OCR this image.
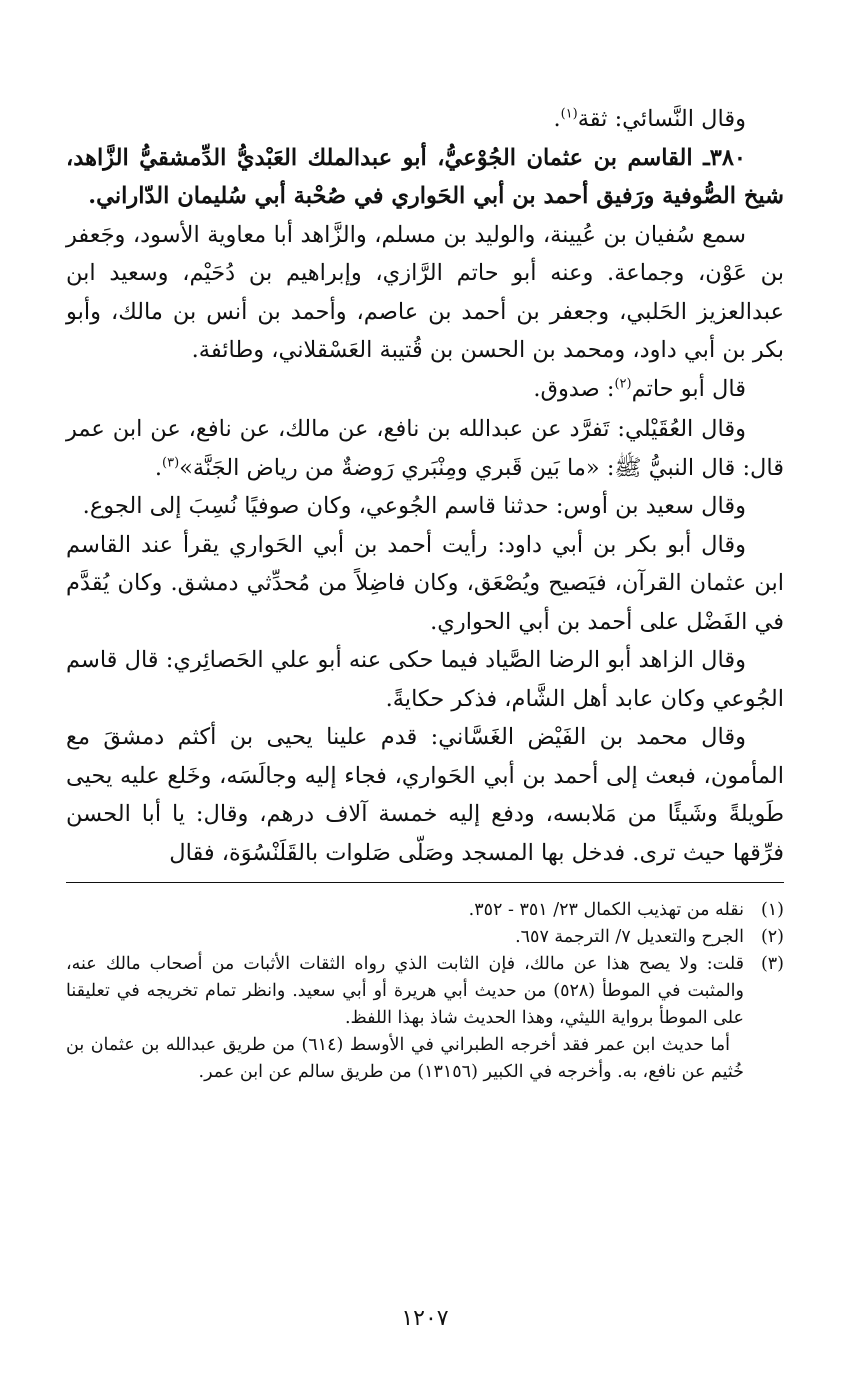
وقال النَّسائي: ثقة$^{(١)}$.

٣٨٠ـ القاسم بن عثمان الجُوْعيُّ، أبو عبدالملك العَبْديُّ الدِّمشقيُّ الزَّاهد، شيخ الصُّوفية ورَفيق أحمد بن أبي الحَواري في صُحْبة أبي سُليمان الدّاراني.

سمع سُفيان بن عُيينة، والوليد بن مسلم، والزَّاهد أبا معاوية الأسود، وجَعفر بن عَوْن، وجماعة. وعنه أبو حاتم الرَّازي، وإبراهيم بن دُحَيْم، وسعيد ابن عبدالعزيز الحَلبي، وجعفر بن أحمد بن عاصم، وأحمد بن أنس بن مالك، وأبو بكر بن أبي داود، ومحمد بن الحسن بن قُتيبة العَسْقلاني، وطائفة.

قال أبو حاتم$^{(٢)}$: صدوق.

وقال العُقَيْلي: تَفرَّد عن عبدالله بن نافع، عن مالك، عن نافع، عن ابن عمر قال: قال النبيُّ ﷺ: «ما بَين قَبري ومِنْبَري رَوضةٌ من رياض الجَنَّة»$^{(٣)}$.

وقال سعيد بن أوس: حدثنا قاسم الجُوعي، وكان صوفيًا نُسِبَ إلى الجوع.

وقال أبو بكر بن أبي داود: رأيت أحمد بن أبي الحَواري يقرأ عند القاسم ابن عثمان القرآن، فيَصيح ويُصْعَق، وكان فاضِلاً من مُحدِّثي دمشق. وكان يُقدَّم في الفَضْل على أحمد بن أبي الحواري.

وقال الزاهد أبو الرضا الصَّياد فيما حكى عنه أبو علي الحَصائِري: قال قاسم الجُوعي وكان عابد أهل الشَّام، فذكر حكايةً.

وقال محمد بن الفَيْض الغَسَّاني: قدم علينا يحيى بن أكثم دمشقَ مع المأمون، فبعث إلى أحمد بن أبي الحَواري، فجاء إليه وجالَسَه، وخَلع عليه يحيى طَويلةً وشَيئًا من مَلابسه، ودفع إليه خمسة آلاف درهم، وقال: يا أبا الحسن فرِّقها حيث ترى. فدخل بها المسجد وصَلّى صَلوات بالقَلَنْسُوَة، فقال

(١)
نقله من تهذيب الكمال ٢٣/ ٣٥١ - ٣٥٢.
(٢)
الجرح والتعديل ٧/ الترجمة ٦٥٧.
(٣)
قلت: ولا يصح هذا عن مالك، فإن الثابت الذي رواه الثقات الأثبات من أصحاب مالك عنه، والمثبت في الموطأ (٥٢٨) من حديث أبي هريرة أو أبي سعيد. وانظر تمام تخريجه في تعليقنا على الموطأ برواية الليثي، وهذا الحديث شاذ بهذا اللفظ.
أما حديث ابن عمر فقد أخرجه الطبراني في الأوسط (٦١٤) من طريق عبدالله بن عثمان بن خُثيم عن نافع، به. وأخرجه في الكبير (١٣١٥٦) من طريق سالم عن ابن عمر.
١٢٠٧
